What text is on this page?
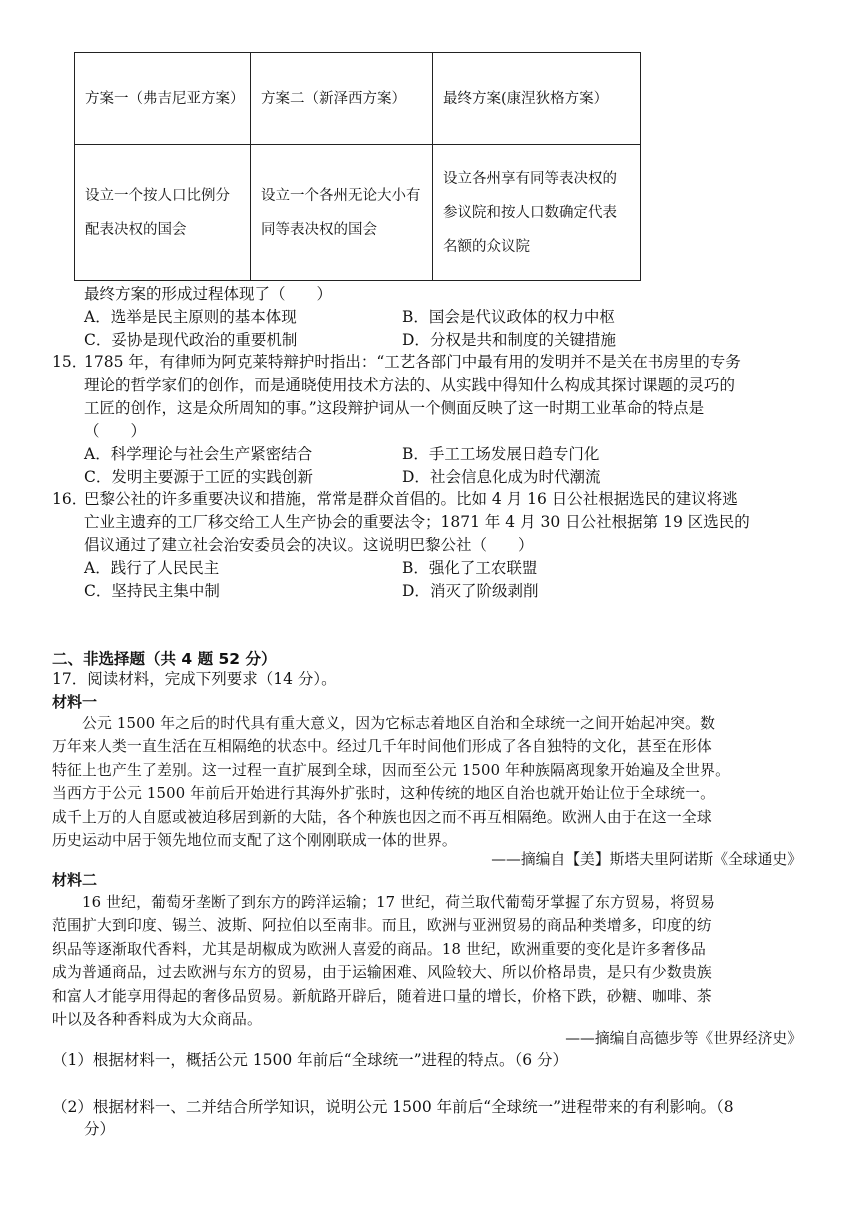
方案一（弗吉尼亚方案）	方案二（新泽西方案）	最终方案(康涅狄格方案）
设立一个按人口比例分配表决权的国会	设立一个各州无论大小有同等表决权的国会	设立各州享有同等表决权的参议院和按人口数确定代表名额的众议院
最终方案的形成过程体现了（　　）
A．选举是民主原则的基本体现	B．国会是代议政体的权力中枢
C．妥协是现代政治的重要机制	D．分权是共和制度的关键措施
15．
1785 年，有律师为阿克莱特辩护时指出：“工艺各部门中最有用的发明并不是关在书房里的专务
理论的哲学家们的创作，而是通晓使用技术方法的、从实践中得知什么构成其探讨课题的灵巧的
工匠的创作，这是众所周知的事。”这段辩护词从一个侧面反映了这一时期工业革命的特点是
（　　）
A．科学理论与社会生产紧密结合	B．手工工场发展日趋专门化
C．发明主要源于工匠的实践创新	D．社会信息化成为时代潮流
16．
巴黎公社的许多重要决议和措施，常常是群众首倡的。比如 4 月 16 日公社根据选民的建议将逃
亡业主遗弃的工厂移交给工人生产协会的重要法令；1871 年 4 月 30 日公社根据第 19 区选民的
倡议通过了建立社会治安委员会的决议。这说明巴黎公社（　　）
A．践行了人民民主	B．强化了工农联盟
C．坚持民主集中制	D．消灭了阶级剥削
二、非选择题（共 4 题 52 分）
17．阅读材料，完成下列要求（14 分）。
材料一

　　公元 1500 年之后的时代具有重大意义，因为它标志着地区自治和全球统一之间开始起冲突。数

万年来人类一直生活在互相隔绝的状态中。经过几千年时间他们形成了各自独特的文化，甚至在形体

特征上也产生了差别。这一过程一直扩展到全球，因而至公元 1500 年种族隔离现象开始遍及全世界。

当西方于公元 1500 年前后开始进行其海外扩张时，这种传统的地区自治也就开始让位于全球统一。

成千上万的人自愿或被迫移居到新的大陆，各个种族也因之而不再互相隔绝。欧洲人由于在这一全球

历史运动中居于领先地位而支配了这个刚刚联成一体的世界。

——摘编自【美】斯塔夫里阿诺斯《全球通史》
材料二

　　16 世纪，葡萄牙垄断了到东方的跨洋运输；17 世纪，荷兰取代葡萄牙掌握了东方贸易，将贸易

范围扩大到印度、锡兰、波斯、阿拉伯以至南非。而且，欧洲与亚洲贸易的商品种类增多，印度的纺

织品等逐渐取代香料，尤其是胡椒成为欧洲人喜爱的商品。18 世纪，欧洲重要的变化是许多奢侈品

成为普通商品，过去欧洲与东方的贸易，由于运输困难、风险较大、所以价格昂贵，是只有少数贵族

和富人才能享用得起的奢侈品贸易。新航路开辟后，随着进口量的增长，价格下跌，砂糖、咖啡、茶

叶以及各种香料成为大众商品。

——摘编自高德步等《世界经济史》
（1）根据材料一，概括公元 1500 年前后“全球统一”进程的特点。（6 分）
（2）根据材料一、二并结合所学知识，说明公元 1500 年前后“全球统一”进程带来的有利影响。（8
分）
